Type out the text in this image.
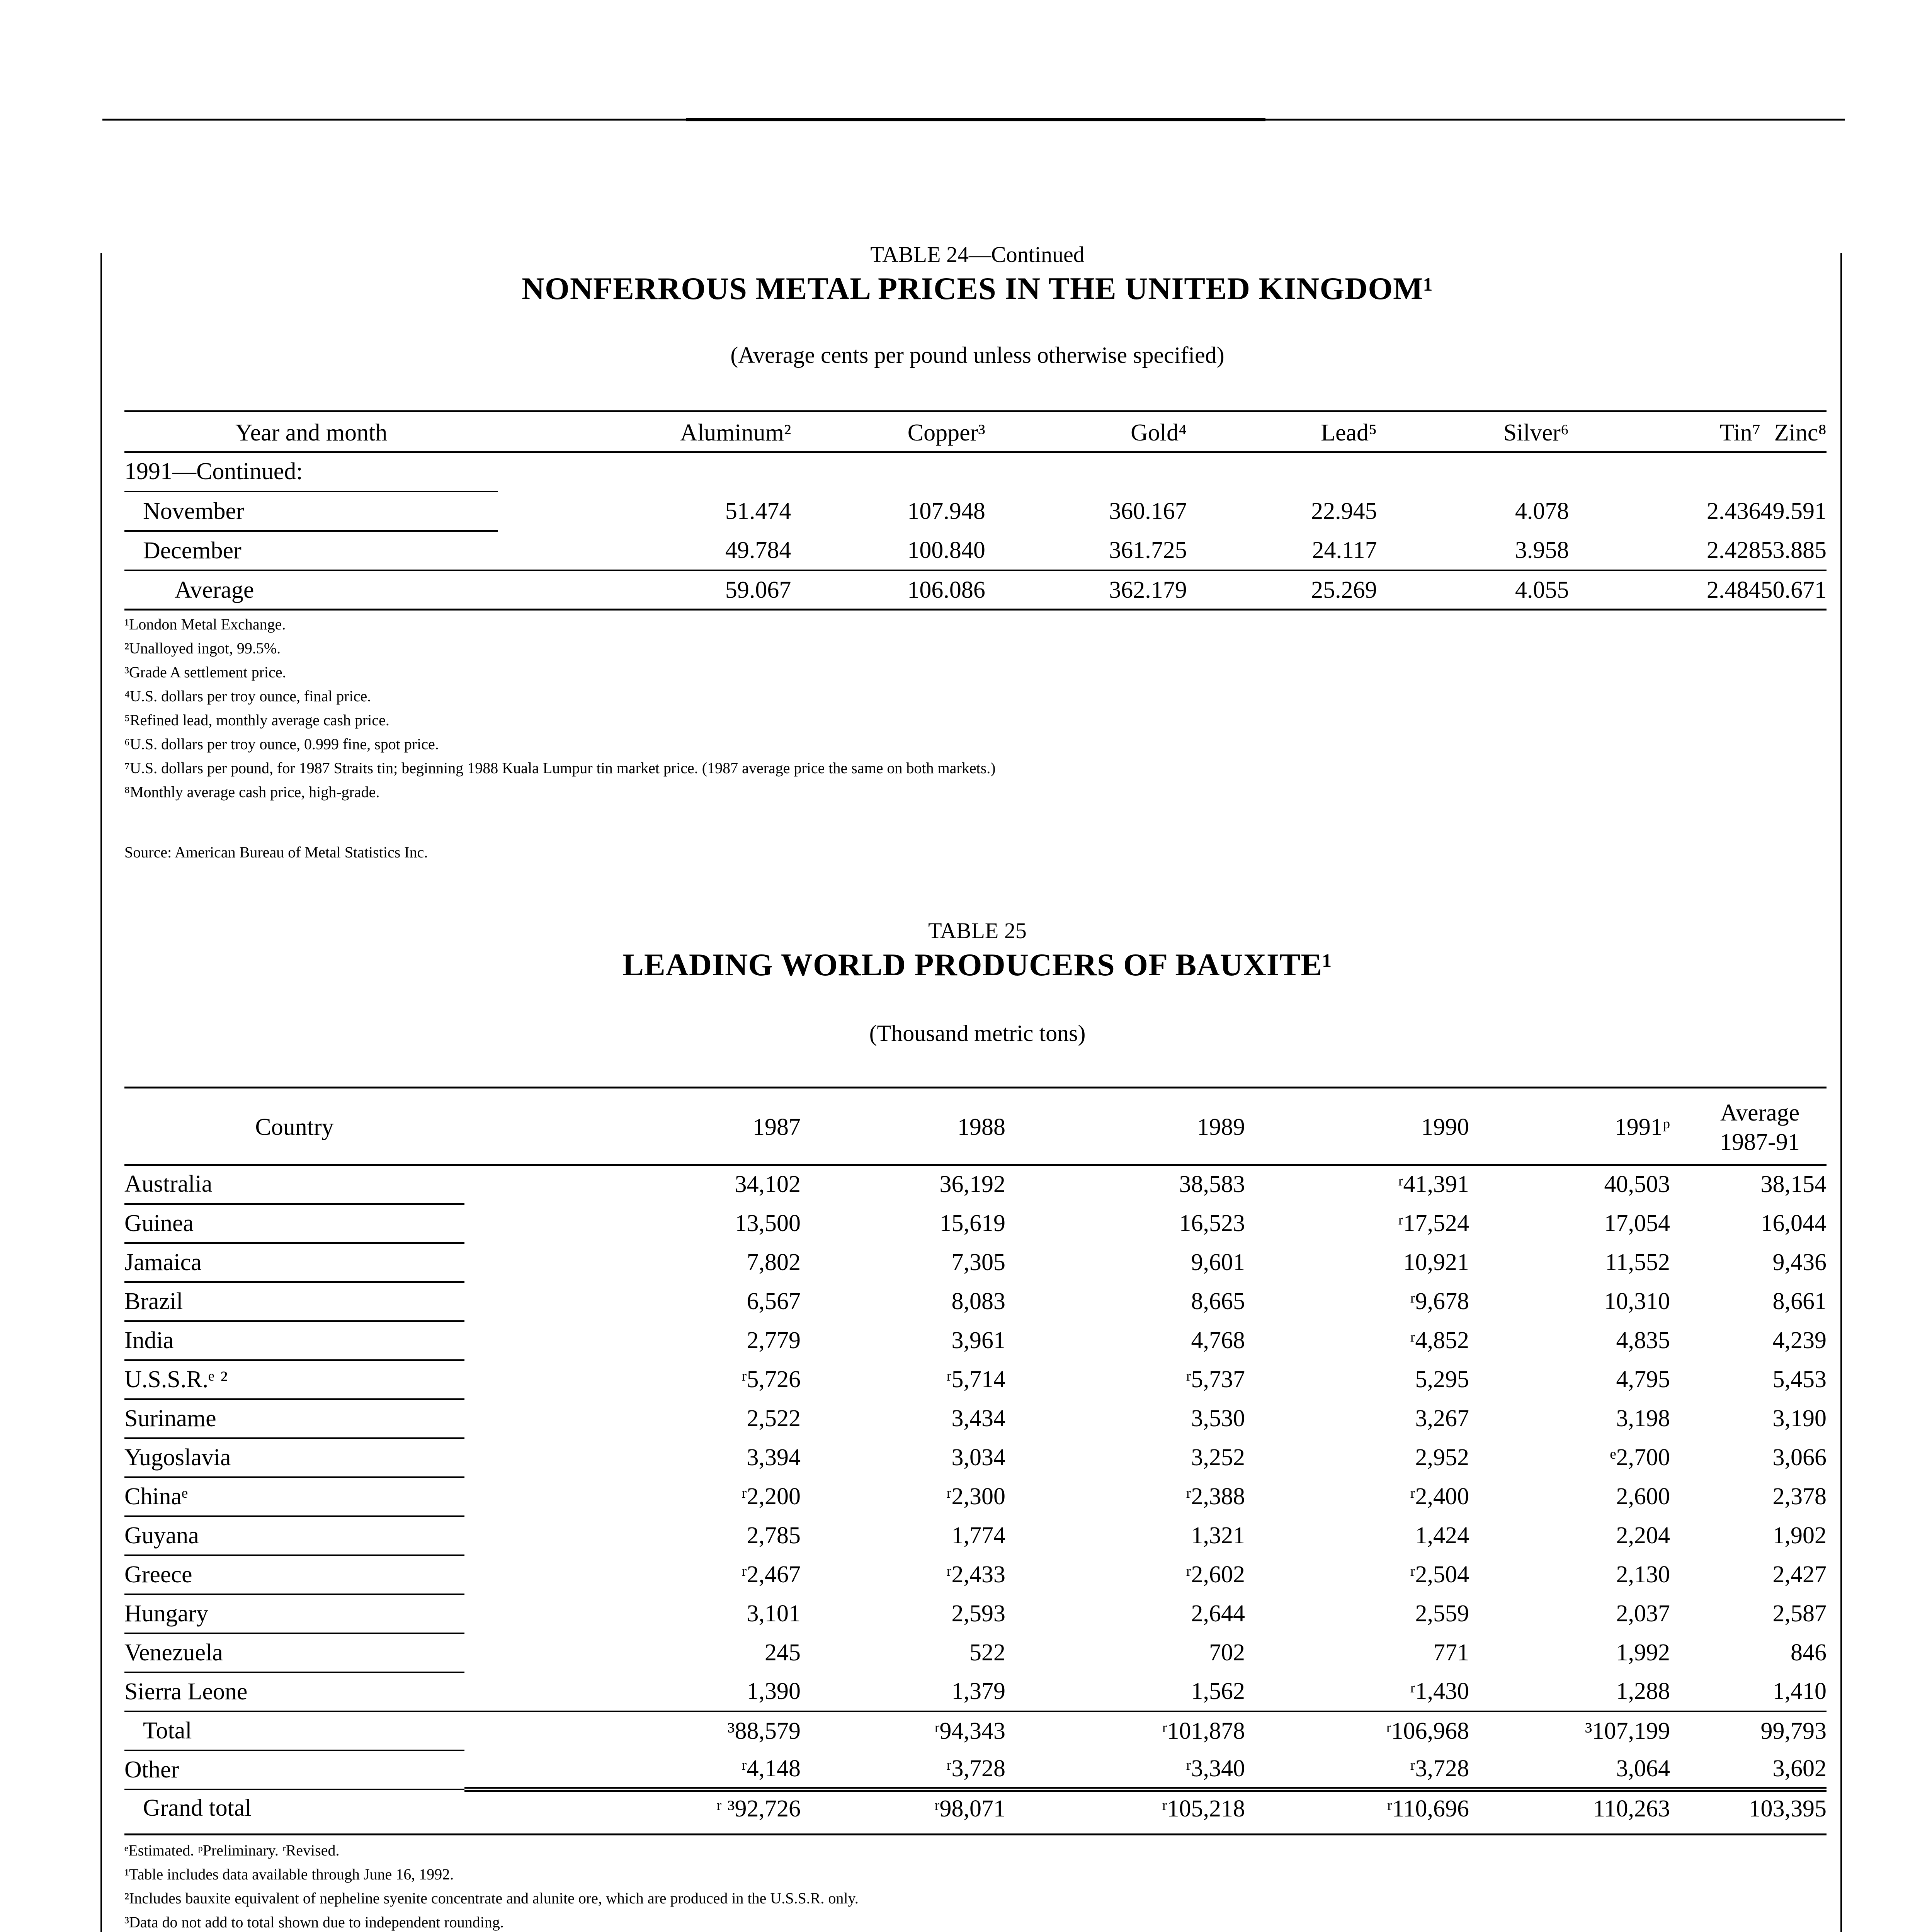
TABLE 24—Continued
NONFERROUS METAL PRICES IN THE UNITED KINGDOM¹
(Average cents per pound unless otherwise specified)
Year and month	Aluminum²	Copper³	Gold⁴	Lead⁵	Silver⁶	Tin⁷	Zinc⁸
1991—Continued:							
November	51.474	107.948	360.167	22.945	4.078	2.436	49.591
December	49.784	100.840	361.725	24.117	3.958	2.428	53.885
Average	59.067	106.086	362.179	25.269	4.055	2.484	50.671
¹London Metal Exchange.
²Unalloyed ingot, 99.5%.
³Grade A settlement price.
⁴U.S. dollars per troy ounce, final price.
⁵Refined lead, monthly average cash price.
⁶U.S. dollars per troy ounce, 0.999 fine, spot price.
⁷U.S. dollars per pound, for 1987 Straits tin; beginning 1988 Kuala Lumpur tin market price. (1987 average price the same on both markets.)
⁸Monthly average cash price, high-grade.
Source: American Bureau of Metal Statistics Inc.
TABLE 25
LEADING WORLD PRODUCERS OF BAUXITE¹
(Thousand metric tons)
Country	1987	1988	1989	1990	1991ᵖ	Average 1987-91
Australia	34,102	36,192	38,583	ʳ41,391	40,503	38,154
Guinea	13,500	15,619	16,523	ʳ17,524	17,054	16,044
Jamaica	7,802	7,305	9,601	10,921	11,552	9,436
Brazil	6,567	8,083	8,665	ʳ9,678	10,310	8,661
India	2,779	3,961	4,768	ʳ4,852	4,835	4,239
U.S.S.R.ᵉ ²	ʳ5,726	ʳ5,714	ʳ5,737	5,295	4,795	5,453
Suriname	2,522	3,434	3,530	3,267	3,198	3,190
Yugoslavia	3,394	3,034	3,252	2,952	ᵉ2,700	3,066
Chinaᵉ	ʳ2,200	ʳ2,300	ʳ2,388	ʳ2,400	2,600	2,378
Guyana	2,785	1,774	1,321	1,424	2,204	1,902
Greece	ʳ2,467	ʳ2,433	ʳ2,602	ʳ2,504	2,130	2,427
Hungary	3,101	2,593	2,644	2,559	2,037	2,587
Venezuela	245	522	702	771	1,992	846
Sierra Leone	1,390	1,379	1,562	ʳ1,430	1,288	1,410
Total	³88,579	ʳ94,343	ʳ101,878	ʳ106,968	³107,199	99,793
Other	ʳ4,148	ʳ3,728	ʳ3,340	ʳ3,728	3,064	3,602
Grand total	ʳ ³92,726	ʳ98,071	ʳ105,218	ʳ110,696	110,263	103,395
ᵉEstimated. ᵖPreliminary. ʳRevised.
¹Table includes data available through June 16, 1992.
²Includes bauxite equivalent of nepheline syenite concentrate and alunite ore, which are produced in the U.S.S.R. only.
³Data do not add to total shown due to independent rounding.
